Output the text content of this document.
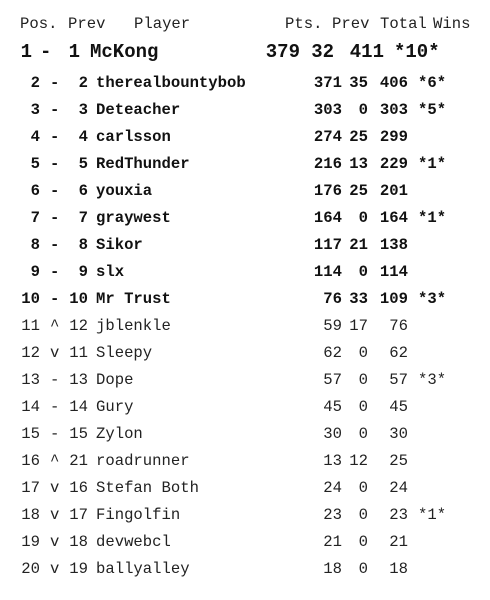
Pos. Prev Player	Pts. Prev Total Wins
1 - 1 McKong	379 32 411 *10*
2 -	2 therealbountybob	371 35 406 *6*
3 -	3 Deteacher	303	0 303 *5*
4 -	4 carlsson	274 25 299
5 -	5 RedThunder	216 13 229 *1*
6 -	6 youxia	176 25 201
7 -	7 graywest	164	0 164 *1*
8 -	8 Sikor	117 21 138
9 -	9 slx	114	0 114
10 - 10 Mr Trust	76 33 109 *3*
11 ^ 12 jblenkle	59 17	76
12 v 11 Sleepy	62	0	62
13 - 13 Dope	57	0	57 *3*
14 - 14 Gury	45	0	45
15 - 15 Zylon	30	0	30
16 ^ 21 roadrunner	13 12	25
17 v 16 Stefan Both	24	0	24
18 v 17 Fingolfin	23	0	23 *1*
19 v 18 devwebcl	21	0	21
20 v 19 ballyalley	18	0	18
